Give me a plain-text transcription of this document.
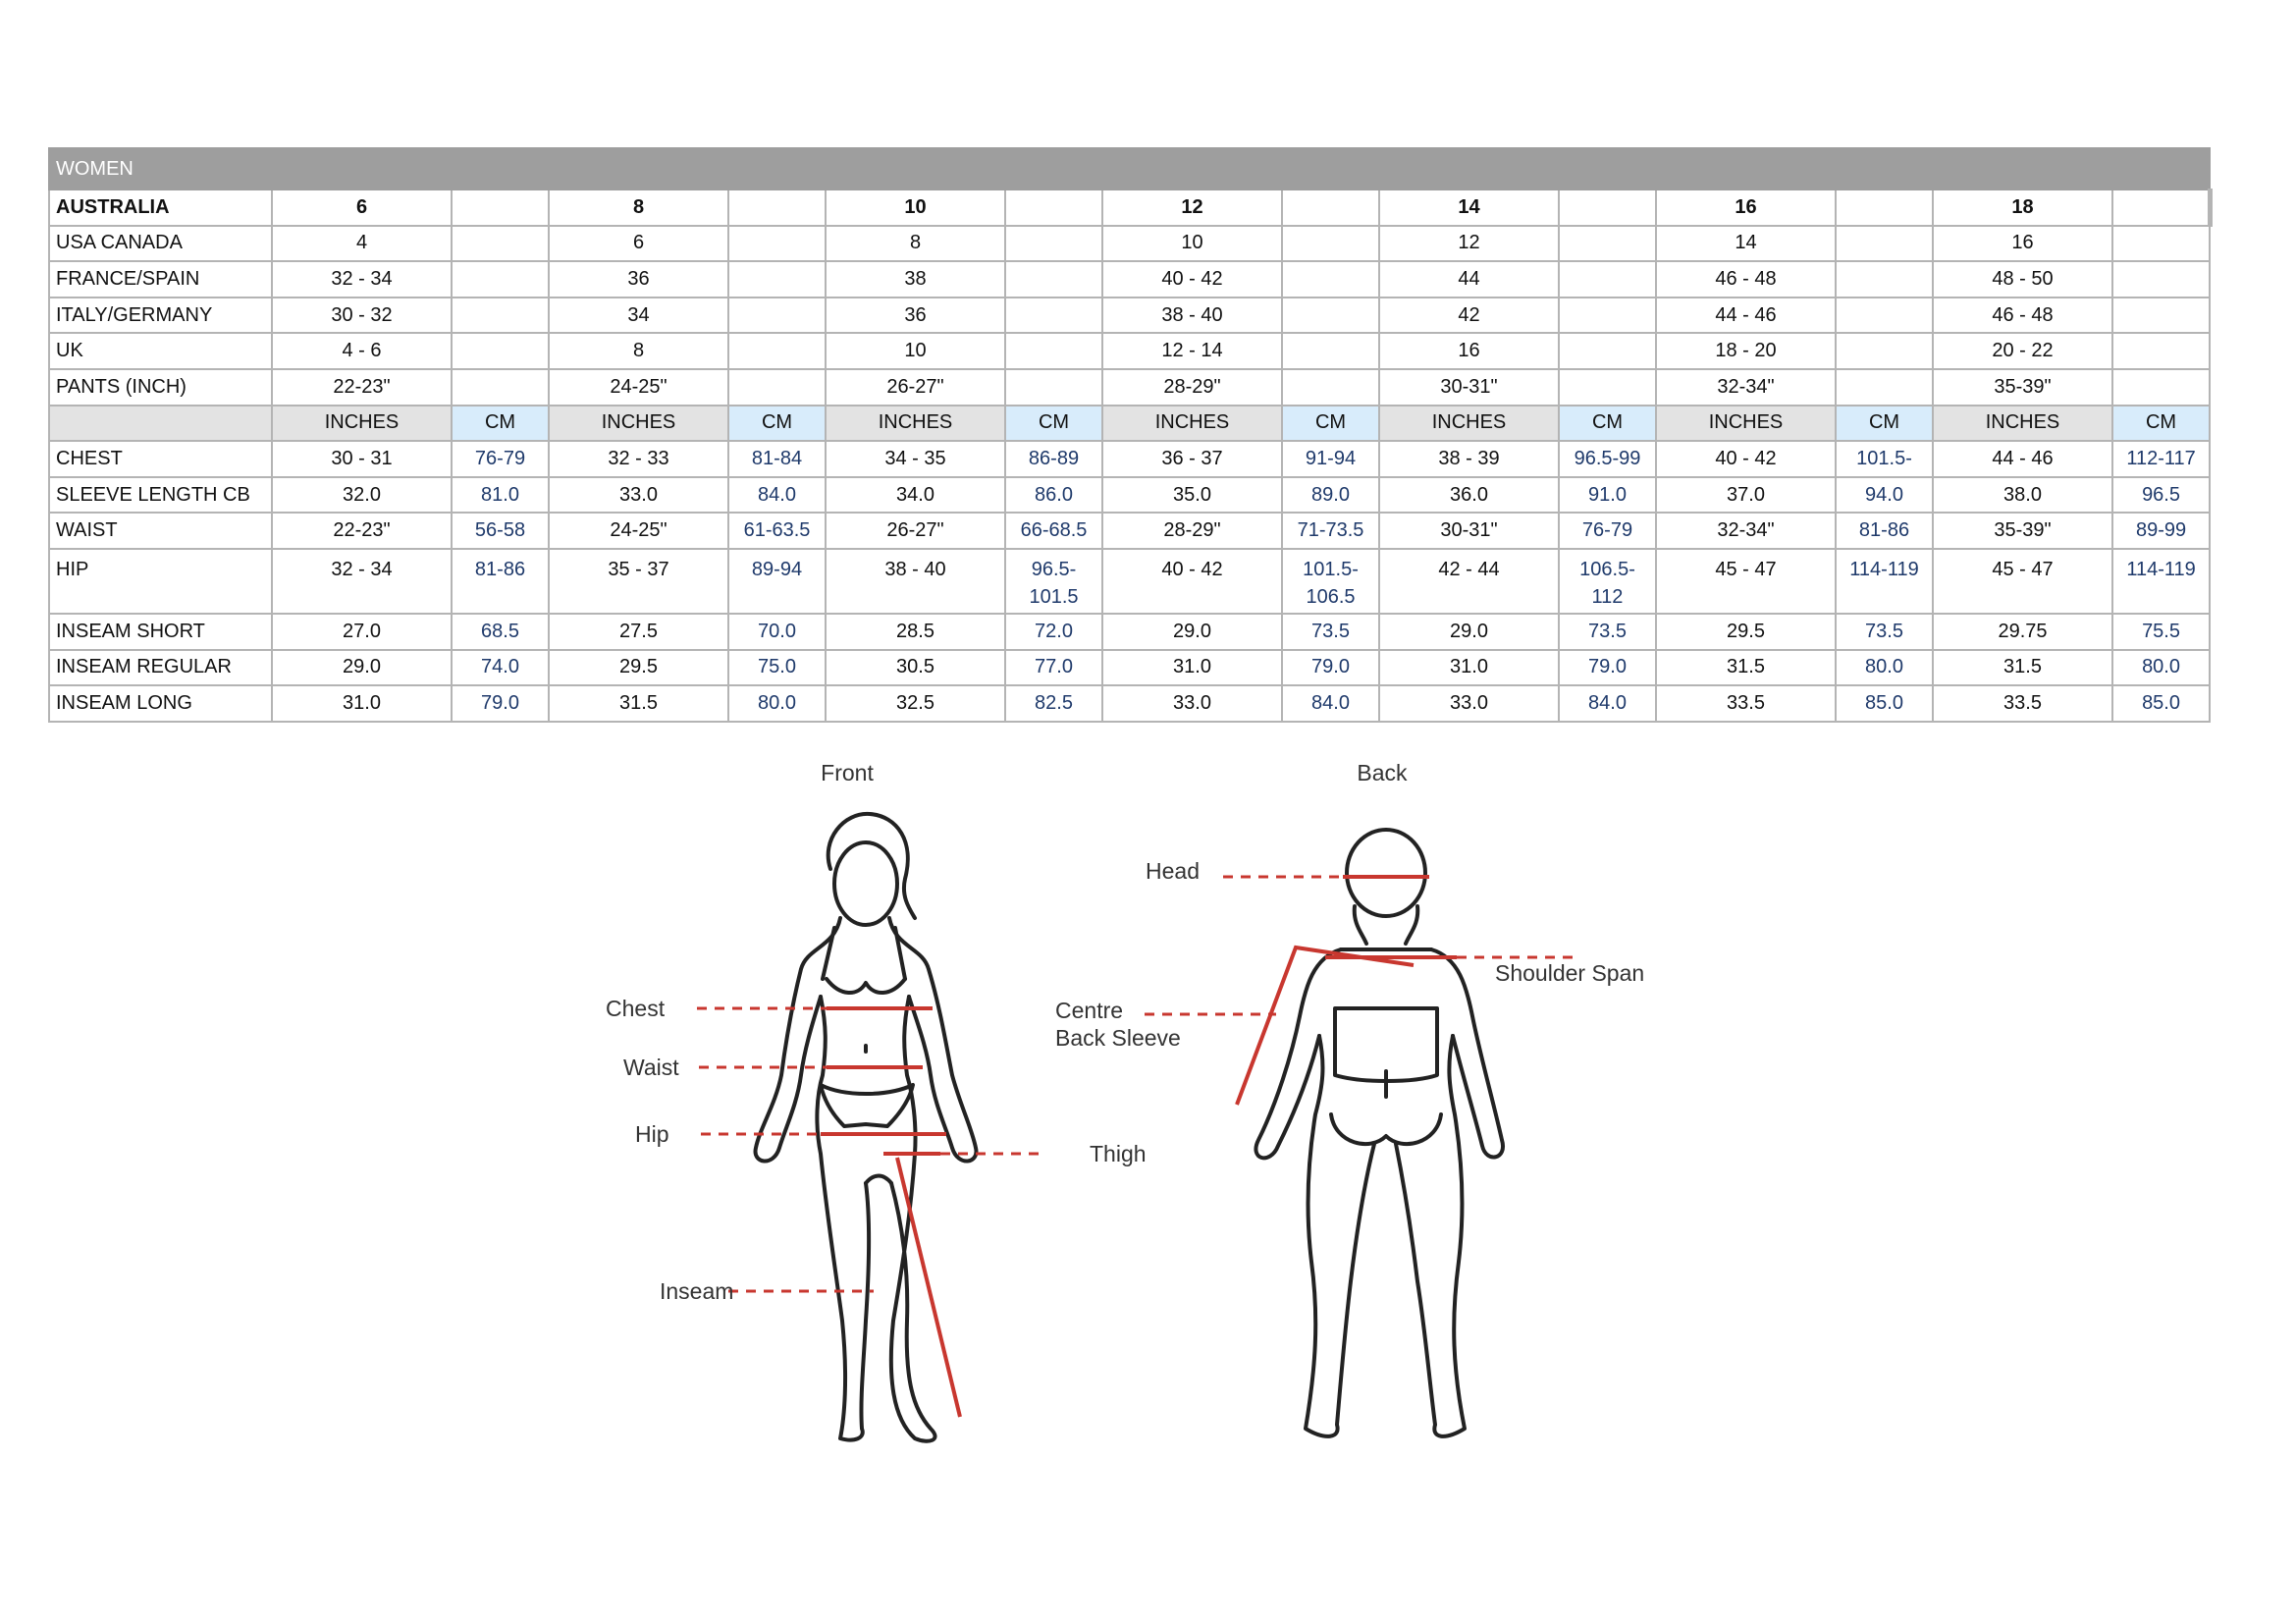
WOMEN														
AUSTRALIA	6		8		10		12		14		16		18	
USA CANADA	4		6		8		10		12		14		16	
FRANCE/SPAIN	32 - 34		36		38		40 - 42		44		46 - 48		48 - 50	
ITALY/GERMANY	30 - 32		34		36		38 - 40		42		44 - 46		46 - 48	
UK	4 - 6		8		10		12 - 14		16		18 - 20		20 - 22	
PANTS (INCH)	22-23"		24-25"		26-27"		28-29"		30-31"		32-34"		35-39"	
	INCHES	CM	INCHES	CM	INCHES	CM	INCHES	CM	INCHES	CM	INCHES	CM	INCHES	CM
CHEST	30 - 31	76-79	32 - 33	81-84	34 - 35	86-89	36 - 37	91-94	38 - 39	96.5-99	40 - 42	101.5-	44 - 46	112-117
SLEEVE LENGTH CB	32.0	81.0	33.0	84.0	34.0	86.0	35.0	89.0	36.0	91.0	37.0	94.0	38.0	96.5
WAIST	22-23"	56-58	24-25"	61-63.5	26-27"	66-68.5	28-29"	71-73.5	30-31"	76-79	32-34"	81-86	35-39"	89-99
HIP	32 - 34	81-86	35 - 37	89-94	38 - 40	96.5-101.5	40 - 42	101.5-106.5	42 - 44	106.5-112	45 - 47	114-119	45 - 47	114-119
INSEAM SHORT	27.0	68.5	27.5	70.0	28.5	72.0	29.0	73.5	29.0	73.5	29.5	73.5	29.75	75.5
INSEAM REGULAR	29.0	74.0	29.5	75.0	30.5	77.0	31.0	79.0	31.0	79.0	31.5	80.0	31.5	80.0
INSEAM LONG	31.0	79.0	31.5	80.0	32.5	82.5	33.0	84.0	33.0	84.0	33.5	85.0	33.5	85.0
Front	Back
Chest
Waist
Hip
Inseam
Thigh
Head
Shoulder Span
Centre
Back Sleeve
